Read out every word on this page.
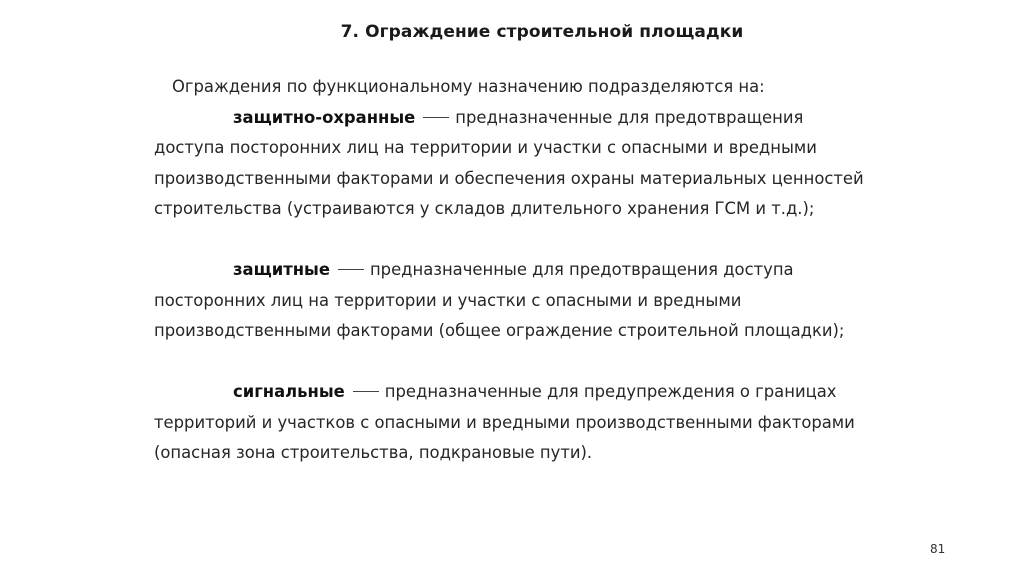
7. Ограждение строительной площадки

Ограждения по функциональному назначению подразделяются на:

защитно-охранные предназначенные для предотвращения доступа посторонних лиц на территории и участки с опасными и вредными производственными факторами и обеспечения охраны материальных ценностей строительства (устраиваются у складов длительного хранения ГСМ и т.д.);

защитные предназначенные для предотвращения доступа посторонних лиц на территории и участки с опасными и вредными производственными факторами (общее ограждение строительной площадки);

сигнальные предназначенные для предупреждения о границах территорий и участков с опасными и вредными производственными факторами (опасная зона строительства, подкрановые пути).

81
